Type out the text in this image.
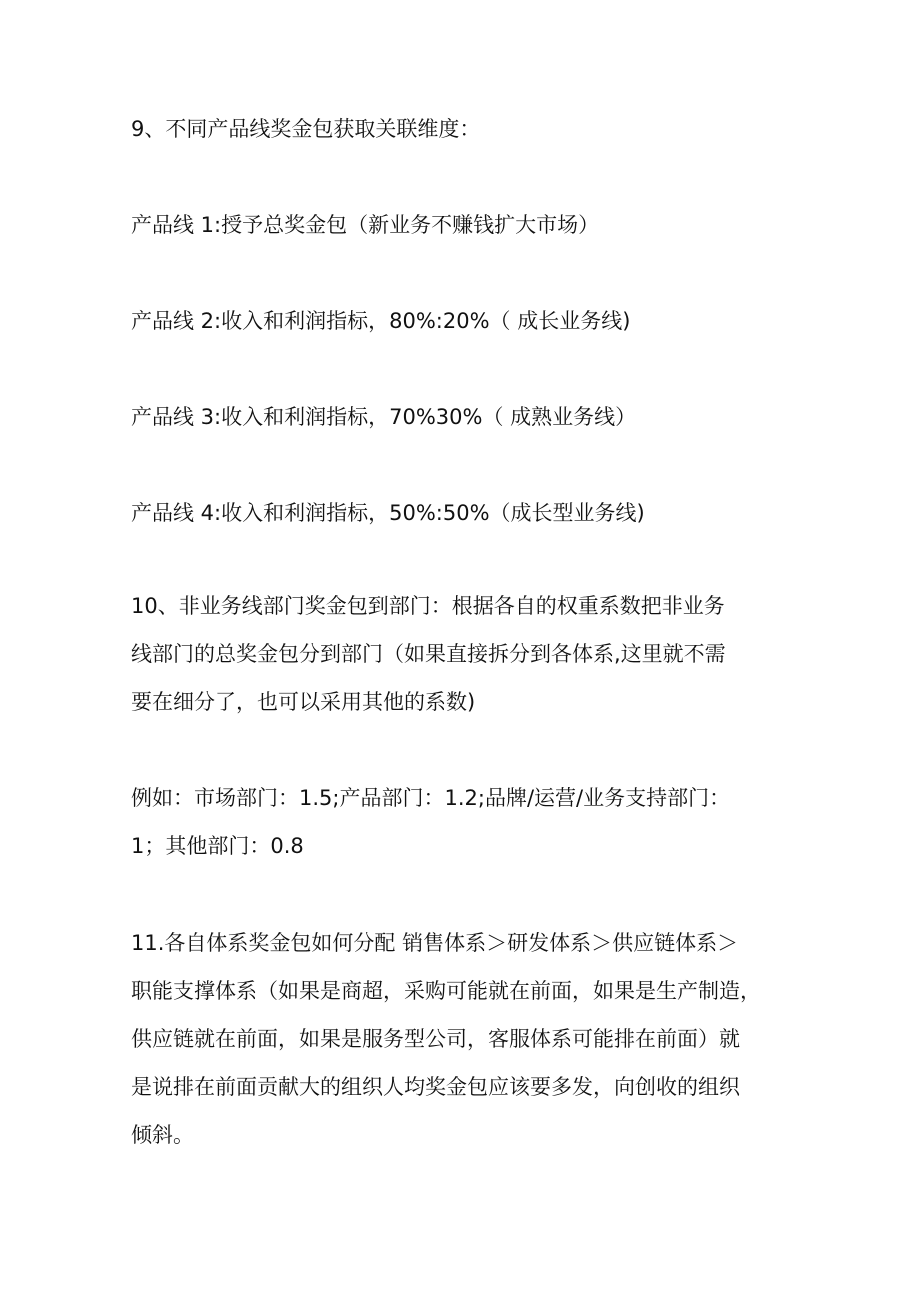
9、不同产品线奖金包获取关联维度：

产品线 1:授予总奖金包（新业务不赚钱扩大市场）

产品线 2:收入和利润指标，80%:20%（ 成长业务线)

产品线 3:收入和利润指标，70%30%（ 成熟业务线）

产品线 4:收入和利润指标，50%:50%（成长型业务线)

10、非业务线部门奖金包到部门：根据各自的权重系数把非业务
线部门的总奖金包分到部门（如果直接拆分到各体系,这里就不需
要在细分了，也可以采用其他的系数)

例如：市场部门：1.5;产品部门：1.2;品牌/运营/业务支持部门：
1；其他部门：0.8

11.各自体系奖金包如何分配 销售体系＞研发体系＞供应链体系＞
职能支撑体系（如果是商超，采购可能就在前面，如果是生产制造，
供应链就在前面，如果是服务型公司，客服体系可能排在前面）就
是说排在前面贡献大的组织人均奖金包应该要多发，向创收的组织
倾斜。
